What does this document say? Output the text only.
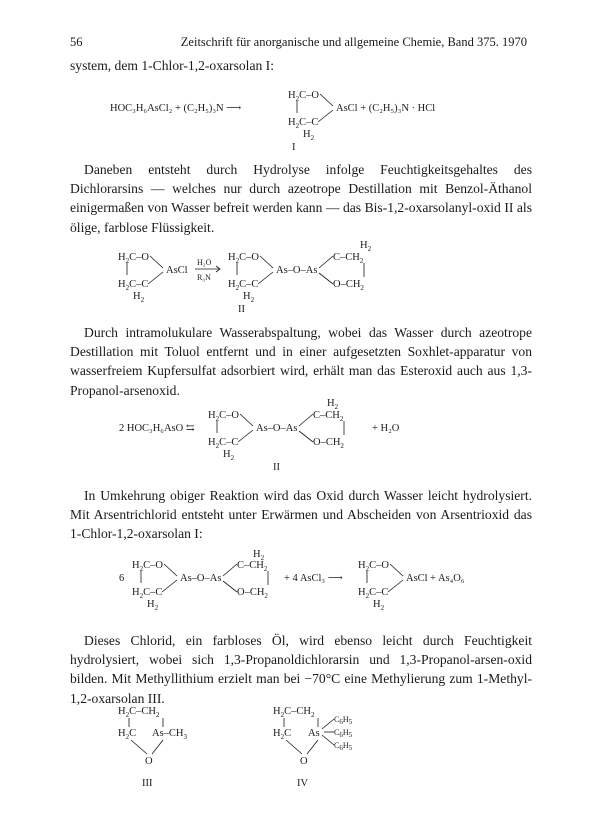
56	Zeitschrift für anorganische und allgemeine Chemie, Band 375. 1970

system, dem 1-Chlor-1,2-oxarsolan I:

HOC₃H₆AsCl₂ + (C₂H₅)₃N ⟶
$H_2C-O$
$H_2C-C$
$H_2$
AsCl + (C₂H₅)₃N · HCl
I

Daneben entsteht durch Hydrolyse infolge Feuchtigkeitsgehaltes des Dichlorarsins — welches nur durch azeotrope Destillation mit Benzol-Äthanol einigermaßen von Wasser befreit werden kann — das Bis-1,2-oxarsolanyl-oxid II als ölige, farblose Flüssigkeit.

$H_2C-O$
$H_2C-C$
$H_2$
AsCl
H₂O
R₃N
$H_2C-O$
$H_2C-C$
$H_2$
As–O–As
$C-CH_2$
$H_2$
$O-CH_2$
II

Durch intramolukulare Wasserabspaltung, wobei das Wasser durch azeotrope Destillation mit Toluol entfernt und in einer aufgesetzten Soxhlet-apparatur von wasserfreiem Kupfersulfat adsorbiert wird, erhält man das Esteroxid auch aus 1,3-Propanol-arsenoxid.

2 HOC₃H₆AsO ⇆
$H_2C-O$
$H_2C-C$
$H_2$
As–O–As
$C-CH_2$
$H_2$
$O-CH_2$
+ H₂O
II

In Umkehrung obiger Reaktion wird das Oxid durch Wasser leicht hydrolysiert. Mit Arsentrichlorid entsteht unter Erwärmen und Abscheiden von Arsentrioxid das 1-Chlor-1,2-oxarsolan I:

6
$H_2C-O$
$H_2C-C$
$H_2$
As–O–As
$C-CH_2$
$H_2$
$O-CH_2$
+ 4 AsCl₃ ⟶
$H_2C-O$
$H_2C-C$
$H_2$
AsCl + As₄O₆

Dieses Chlorid, ein farbloses Öl, wird ebenso leicht durch Feuchtigkeit hydrolysiert, wobei sich 1,3-Propanoldichlorarsin und 1,3-Propanol-arsen-oxid bilden. Mit Methyllithium erzielt man bei −70°C eine Methylierung zum 1-Methyl-1,2-oxarsolan III.

$H_2C-CH_2$
$H_2C$ $As-CH_3$
O
III
$H_2C-CH_2$
$H_2C$ As
C6H5
C6H5
C6H5
O
IV
